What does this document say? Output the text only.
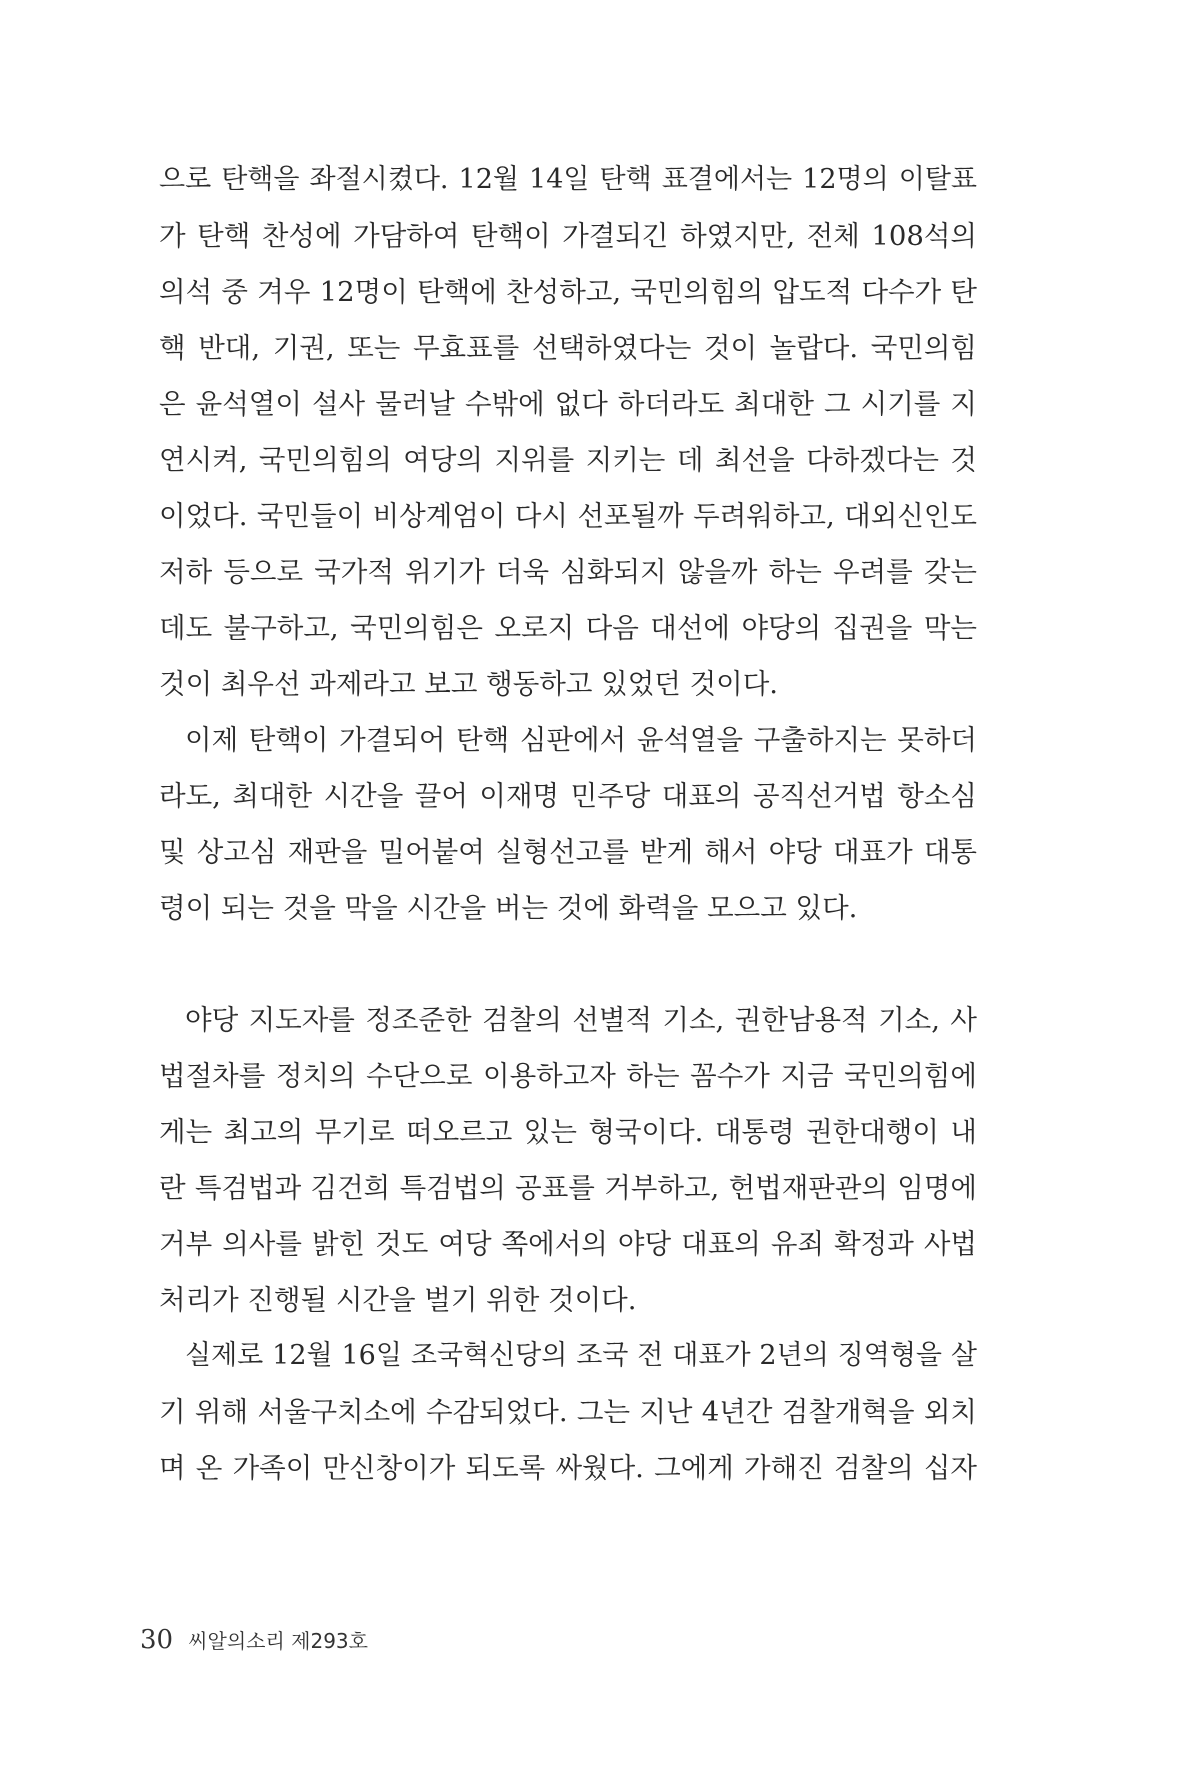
으로 탄핵을 좌절시켰다. 12월 14일 탄핵 표결에서는 12명의 이탈표
가 탄핵 찬성에 가담하여 탄핵이 가결되긴 하였지만, 전체 108석의
의석 중 겨우 12명이 탄핵에 찬성하고, 국민의힘의 압도적 다수가 탄
핵 반대, 기권, 또는 무효표를 선택하였다는 것이 놀랍다. 국민의힘
은 윤석열이 설사 물러날 수밖에 없다 하더라도 최대한 그 시기를 지
연시켜, 국민의힘의 여당의 지위를 지키는 데 최선을 다하겠다는 것
이었다. 국민들이 비상계엄이 다시 선포될까 두려워하고, 대외신인도
저하 등으로 국가적 위기가 더욱 심화되지 않을까 하는 우려를 갖는
데도 불구하고, 국민의힘은 오로지 다음 대선에 야당의 집권을 막는
것이 최우선 과제라고 보고 행동하고 있었던 것이다.
이제 탄핵이 가결되어 탄핵 심판에서 윤석열을 구출하지는 못하더
라도, 최대한 시간을 끌어 이재명 민주당 대표의 공직선거법 항소심
및 상고심 재판을 밀어붙여 실형선고를 받게 해서 야당 대표가 대통
령이 되는 것을 막을 시간을 버는 것에 화력을 모으고 있다.
야당 지도자를 정조준한 검찰의 선별적 기소, 권한남용적 기소, 사
법절차를 정치의 수단으로 이용하고자 하는 꼼수가 지금 국민의힘에
게는 최고의 무기로 떠오르고 있는 형국이다. 대통령 권한대행이 내
란 특검법과 김건희 특검법의 공표를 거부하고, 헌법재판관의 임명에
거부 의사를 밝힌 것도 여당 쪽에서의 야당 대표의 유죄 확정과 사법
처리가 진행될 시간을 벌기 위한 것이다.
실제로 12월 16일 조국혁신당의 조국 전 대표가 2년의 징역형을 살
기 위해 서울구치소에 수감되었다. 그는 지난 4년간 검찰개혁을 외치
며 온 가족이 만신창이가 되도록 싸웠다. 그에게 가해진 검찰의 십자
30 씨알의소리 제293호
